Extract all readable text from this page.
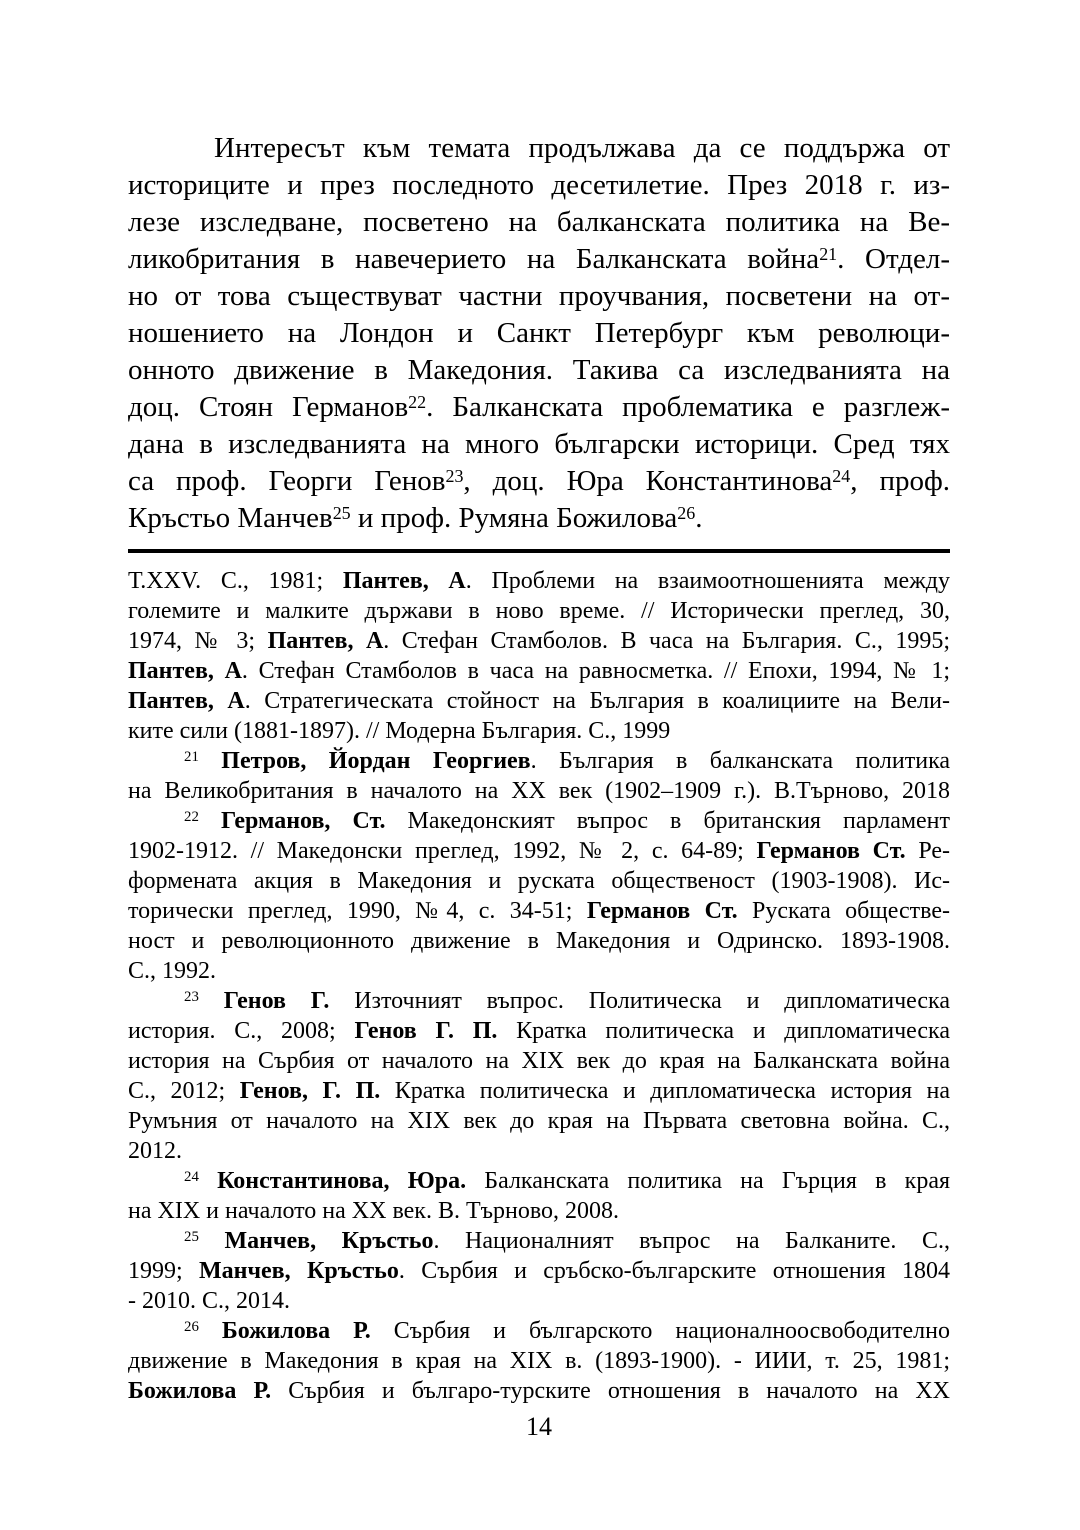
Интересът към темата продължава да се поддържа от
историците и през последното десетилетие. През 2018 г. из-
лезе изследване, посветено на балканската политика на Ве-
ликобритания в навечерието на Балканската война$^{21}$. Отдел-
но от това съществуват частни проучвания, посветени на от-
ношението на Лондон и Санкт Петербург към революци-
онното движение в Македония. Такива са изследванията на
доц. Стоян Германов$^{22}$. Балканската проблематика е разглеж-
дана в изследванията на много български историци. Сред тях
са проф. Георги Генов$^{23}$, доц. Юра Константинова$^{24}$, проф.
Кръстьо Манчев$^{25}$ и проф. Румяна Божилова$^{26}$.
Т.XXV. С., 1981; Пантев, А. Проблеми на взаимоотношенията между
големите и малките държави в ново време. // Исторически преглед, 30,
1974, № 3; Пантев, А. Стефан Стамболов. В часа на България. С., 1995;
Пантев, А. Стефан Стамболов в часа на равносметка. // Епохи, 1994, № 1;
Пантев, А. Стратегическата стойност на България в коалициите на Вели-
ките сили (1881-1897). // Модерна България. С., 1999
$^{21}$ Петров, Йордан Георгиев. България в балканската политика
на Великобритания в началото на ХХ век (1902–1909 г.). В.Търново, 2018
$^{22}$ Германов, Ст. Македонският въпрос в британския парламент
1902-1912. // Македонски преглед, 1992, № 2, с. 64-89; Германов Ст. Ре-
формената акция в Македония и руската общественост (1903-1908). Ис-
торически преглед, 1990, №4, с. 34-51; Германов Ст. Руската обществе-
ност и революционното движение в Македония и Одринско. 1893-1908.
С., 1992.
$^{23}$ Генов Г. Източният въпрос. Политическа и дипломатическа
история. С., 2008; Генов Г. П. Кратка политическа и дипломатическа
история на Сърбия от началото на XIX век до края на Балканската война
С., 2012; Генов, Г. П. Кратка политическа и дипломатическа история на
Румъния от началото на XIX век до края на Първата световна война. С.,
2012.
$^{24}$ Константинова, Юра. Балканската политика на Гърция в края
на XIX и началото на ХХ век. В. Търново, 2008.
$^{25}$ Манчев, Кръстьо. Националният въпрос на Балканите. С.,
1999; Манчев, Кръстьо. Сърбия и сръбско-българските отношения 1804
- 2010. С., 2014.
$^{26}$ Божилова Р. Сърбия и българското националноосвободително
движение в Македония в края на XIX в. (1893-1900). - ИИИ, т. 25, 1981;
Божилова Р. Сърбия и българо-турските отношения в началото на ХХ
14
